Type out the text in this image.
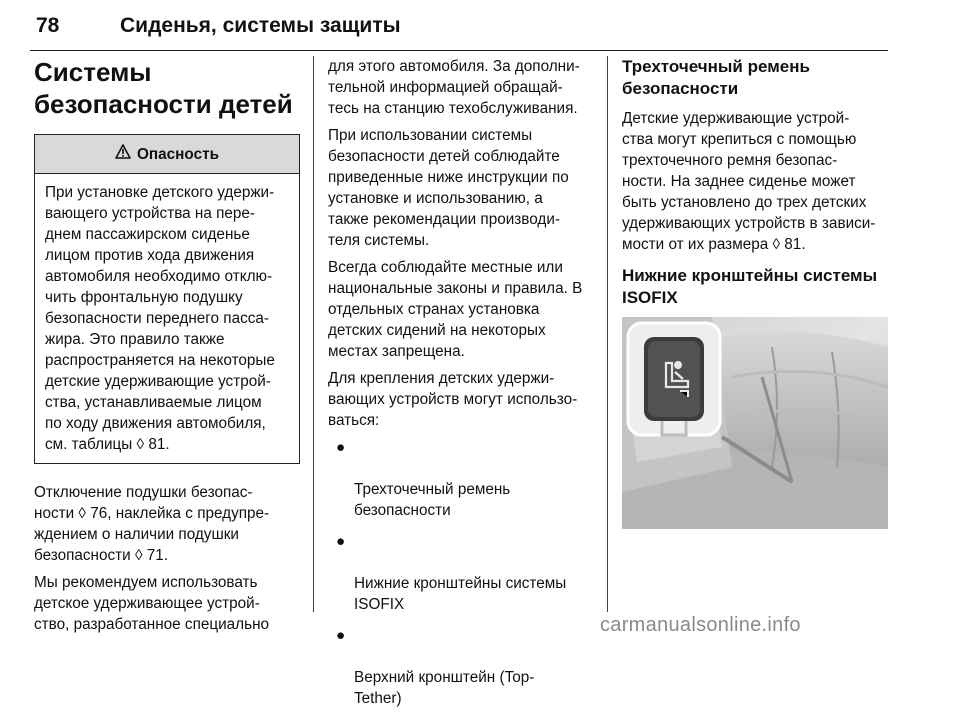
78	Сиденья, системы защиты
Системы
безопасности детей
Опасность
При установке детского удержи-
вающего устройства на пере-
днем пассажирском сиденье
лицом против хода движения
автомобиля необходимо отклю-
чить фронтальную подушку
безопасности переднего пасса-
жира. Это правило также
распространяется на некоторые
детские удерживающие устрой-
ства, устанавливаемые лицом
по ходу движения автомобиля,
см. таблицы ◊ 81.

Отключение подушки безопас-
ности ◊ 76, наклейка с предупре-
ждением о наличии подушки
безопасности ◊ 71.

Мы рекомендуем использовать
детское удерживающее устрой-
ство, разработанное специально

для этого автомобиля. За дополни-
тельной информацией обращай-
тесь на станцию техобслуживания.

При использовании системы
безопасности детей соблюдайте
приведенные ниже инструкции по
установке и использованию, а
также рекомендации производи-
теля системы.

Всегда соблюдайте местные или
национальные законы и правила. В
отдельных странах установка
детских сидений на некоторых
местах запрещена.

Для крепления детских удержи-
вающих устройств могут использо-
ваться:

●

Трехточечный ремень
безопасности

●

Нижние кронштейны системы
ISOFIX

●

Верхний кронштейн (Top-
Tether)

Трехточечный ремень
безопасности

Детские удерживающие устрой-
ства могут крепиться с помощью
трехточечного ремня безопас-
ности. На заднее сиденье может
быть установлено до трех детских
удерживающих устройств в зависи-
мости от их размера ◊ 81.

Нижние кронштейны системы
ISOFIX
carmanualsonline.info
